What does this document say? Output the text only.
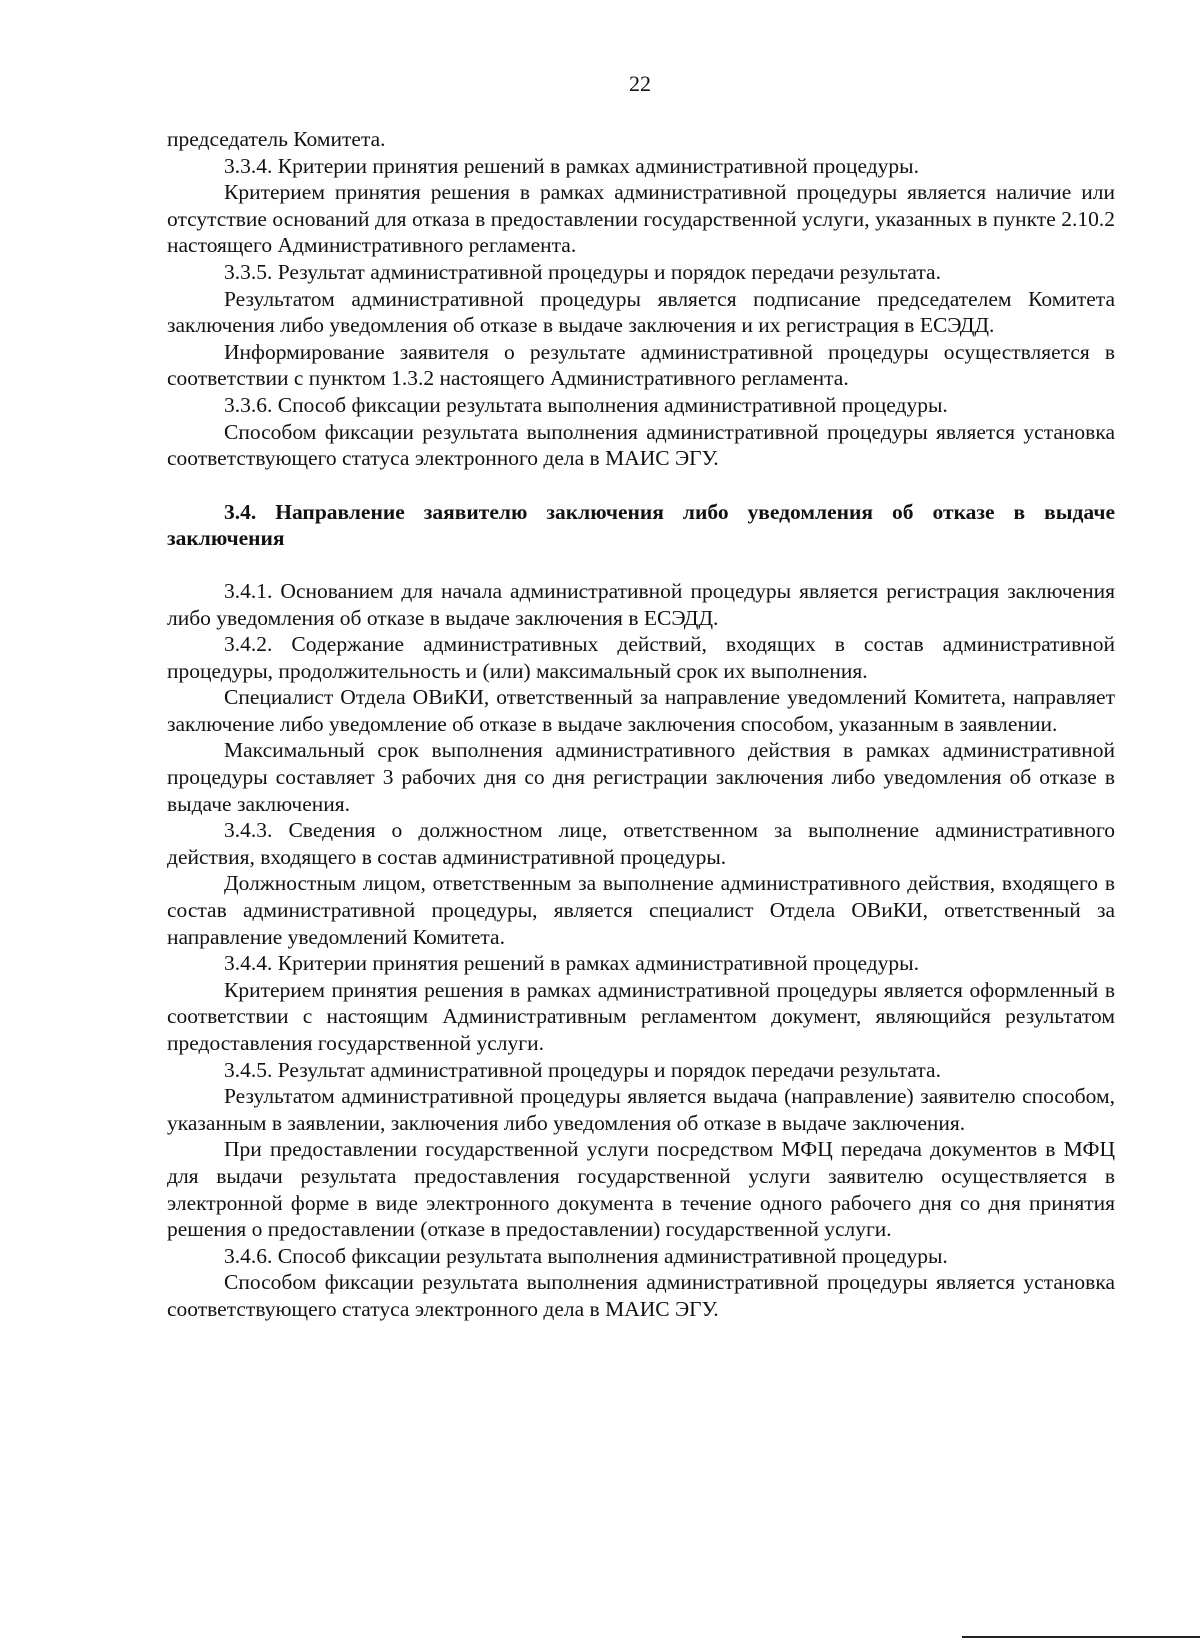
22

председатель Комитета.

3.3.4. Критерии принятия решений в рамках административной процедуры.

Критерием принятия решения в рамках административной процедуры является наличие или отсутствие оснований для отказа в предоставлении государственной услуги, указанных в пункте 2.10.2 настоящего Административного регламента.

3.3.5. Результат административной процедуры и порядок передачи результата.

Результатом административной процедуры является подписание председателем Комитета заключения либо уведомления об отказе в выдаче заключения и их регистрация в ЕСЭДД.

Информирование заявителя о результате административной процедуры осуществляется в соответствии с пунктом 1.3.2 настоящего Административного регламента.

3.3.6. Способ фиксации результата выполнения административной процедуры.

Способом фиксации результата выполнения административной процедуры является установка соответствующего статуса электронного дела в МАИС ЭГУ.

3.4. Направление заявителю заключения либо уведомления об отказе в выдаче заключения

3.4.1. Основанием для начала административной процедуры является регистрация заключения либо уведомления об отказе в выдаче заключения в ЕСЭДД.

3.4.2. Содержание административных действий, входящих в состав административной процедуры, продолжительность и (или) максимальный срок их выполнения.

Специалист Отдела ОВиКИ, ответственный за направление уведомлений Комитета, направляет заключение либо уведомление об отказе в выдаче заключения способом, указанным в заявлении.

Максимальный срок выполнения административного действия в рамках административной процедуры составляет 3 рабочих дня со дня регистрации заключения либо уведомления об отказе в выдаче заключения.

3.4.3. Сведения о должностном лице, ответственном за выполнение административного действия, входящего в состав административной процедуры.

Должностным лицом, ответственным за выполнение административного действия, входящего в состав административной процедуры, является специалист Отдела ОВиКИ, ответственный за направление уведомлений Комитета.

3.4.4. Критерии принятия решений в рамках административной процедуры.

Критерием принятия решения в рамках административной процедуры является оформленный в соответствии с настоящим Административным регламентом документ, являющийся результатом предоставления государственной услуги.

3.4.5. Результат административной процедуры и порядок передачи результата.

Результатом административной процедуры является выдача (направление) заявителю способом, указанным в заявлении, заключения либо уведомления об отказе в выдаче заключения.

При предоставлении государственной услуги посредством МФЦ передача документов в МФЦ для выдачи результата предоставления государственной услуги заявителю осуществляется в электронной форме в виде электронного документа в течение одного рабочего дня со дня принятия решения о предоставлении (отказе в предоставлении) государственной услуги.

3.4.6. Способ фиксации результата выполнения административной процедуры.

Способом фиксации результата выполнения административной процедуры является установка соответствующего статуса электронного дела в МАИС ЭГУ.
